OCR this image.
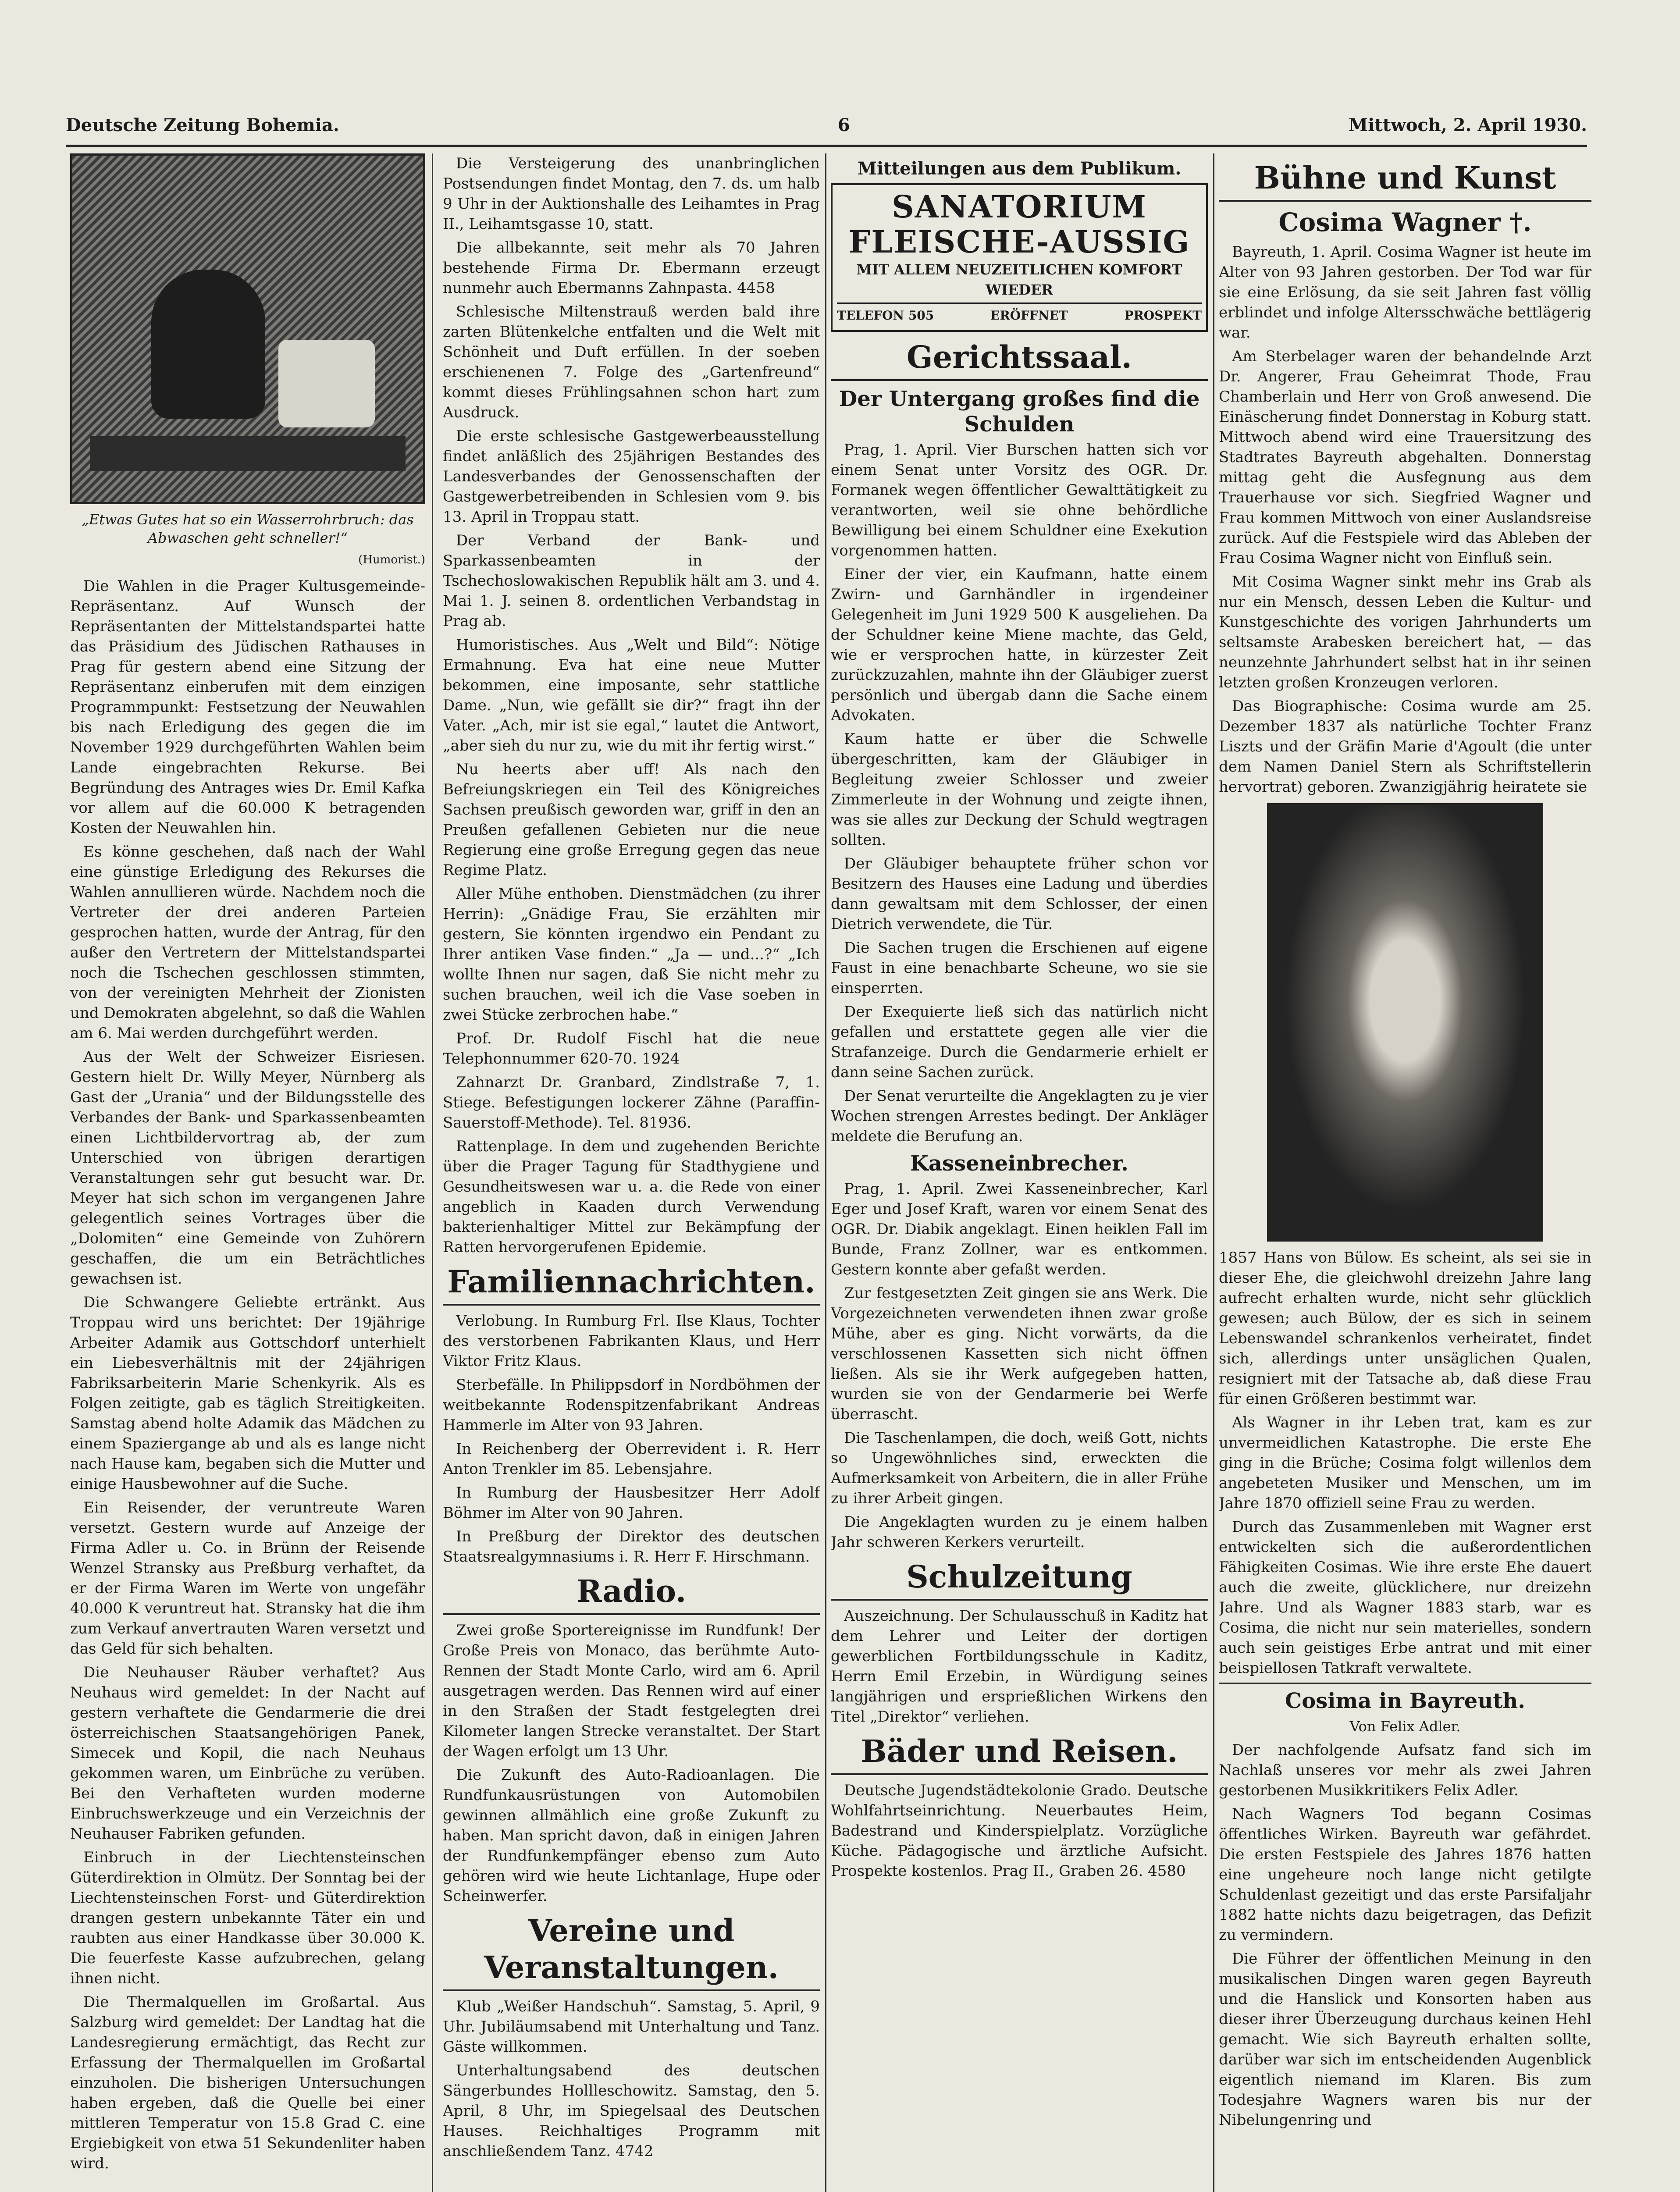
Deutsche Zeitung Bohemia.	6	Mittwoch, 2. April 1930.
„Etwas Gutes hat so ein Wasserrohrbruch: das Abwaschen geht schneller!“
(Humorist.)

Die Wahlen in die Prager Kultusgemeinde-Repräsentanz. Auf Wunsch der Repräsentanten der Mittelstandspartei hatte das Präsidium des Jüdischen Rathauses in Prag für gestern abend eine Sitzung der Repräsentanz einberufen mit dem einzigen Programmpunkt: Festsetzung der Neuwahlen bis nach Erledigung des gegen die im November 1929 durchgeführten Wahlen beim Lande eingebrachten Rekurse. Bei Begründung des Antrages wies Dr. Emil Kafka vor allem auf die 60.000 K betragenden Kosten der Neuwahlen hin.

Es könne geschehen, daß nach der Wahl eine günstige Erledigung des Rekurses die Wahlen annullieren würde. Nachdem noch die Vertreter der drei anderen Parteien gesprochen hatten, wurde der Antrag, für den außer den Vertretern der Mittelstandspartei noch die Tschechen geschlossen stimmten, von der vereinigten Mehrheit der Zionisten und Demokraten abgelehnt, so daß die Wahlen am 6. Mai werden durchgeführt werden.

Aus der Welt der Schweizer Eisriesen. Gestern hielt Dr. Willy Meyer, Nürnberg als Gast der „Urania“ und der Bildungsstelle des Verbandes der Bank- und Sparkassenbeamten einen Lichtbildervortrag ab, der zum Unterschied von übrigen derartigen Veranstaltungen sehr gut besucht war. Dr. Meyer hat sich schon im vergangenen Jahre gelegentlich seines Vortrages über die „Dolomiten“ eine Gemeinde von Zuhörern geschaffen, die um ein Beträchtliches gewachsen ist.

Die Schwangere Geliebte ertränkt. Aus Troppau wird uns berichtet: Der 19jährige Arbeiter Adamik aus Gottschdorf unterhielt ein Liebesverhältnis mit der 24jährigen Fabriksarbeiterin Marie Schenkyrik. Als es Folgen zeitigte, gab es täglich Streitigkeiten. Samstag abend holte Adamik das Mädchen zu einem Spaziergange ab und als es lange nicht nach Hause kam, begaben sich die Mutter und einige Hausbewohner auf die Suche.

Ein Reisender, der veruntreute Waren versetzt. Gestern wurde auf Anzeige der Firma Adler u. Co. in Brünn der Reisende Wenzel Stransky aus Preßburg verhaftet, da er der Firma Waren im Werte von ungefähr 40.000 K veruntreut hat. Stransky hat die ihm zum Verkauf anvertrauten Waren versetzt und das Geld für sich behalten.

Die Neuhauser Räuber verhaftet? Aus Neuhaus wird gemeldet: In der Nacht auf gestern verhaftete die Gendarmerie die drei österreichischen Staatsangehörigen Panek, Simecek und Kopil, die nach Neuhaus gekommen waren, um Einbrüche zu verüben. Bei den Verhafteten wurden moderne Einbruchswerkzeuge und ein Verzeichnis der Neuhauser Fabriken gefunden.

Einbruch in der Liechtensteinschen Güterdirektion in Olmütz. Der Sonntag bei der Liechtensteinschen Forst- und Güterdirektion drangen gestern unbekannte Täter ein und raubten aus einer Handkasse über 30.000 K. Die feuerfeste Kasse aufzubrechen, gelang ihnen nicht.

Die Thermalquellen im Großartal. Aus Salzburg wird gemeldet: Der Landtag hat die Landesregierung ermächtigt, das Recht zur Erfassung der Thermalquellen im Großartal einzuholen. Die bisherigen Untersuchungen haben ergeben, daß die Quelle bei einer mittleren Temperatur von 15.8 Grad C. eine Ergiebigkeit von etwa 51 Sekundenliter haben wird.

Die Versteigerung des unanbringlichen Postsendungen findet Montag, den 7. ds. um halb 9 Uhr in der Auktionshalle des Leihamtes in Prag II., Leihamtsgasse 10, statt.

Die allbekannte, seit mehr als 70 Jahren bestehende Firma Dr. Ebermann erzeugt nunmehr auch Ebermanns Zahnpasta. 4458

Schlesische Miltenstrauß werden bald ihre zarten Blütenkelche entfalten und die Welt mit Schönheit und Duft erfüllen. In der soeben erschienenen 7. Folge des „Gartenfreund“ kommt dieses Frühlingsahnen schon hart zum Ausdruck.

Die erste schlesische Gastgewerbeausstellung findet anläßlich des 25jährigen Bestandes des Landesverbandes der Genossenschaften der Gastgewerbetreibenden in Schlesien vom 9. bis 13. April in Troppau statt.

Der Verband der Bank- und Sparkassenbeamten in der Tschechoslowakischen Republik hält am 3. und 4. Mai 1. J. seinen 8. ordentlichen Verbandstag in Prag ab.

Humoristisches. Aus „Welt und Bild“: Nötige Ermahnung. Eva hat eine neue Mutter bekommen, eine imposante, sehr stattliche Dame. „Nun, wie gefällt sie dir?“ fragt ihn der Vater. „Ach, mir ist sie egal,“ lautet die Antwort, „aber sieh du nur zu, wie du mit ihr fertig wirst.“

Nu heerts aber uff! Als nach den Befreiungskriegen ein Teil des Königreiches Sachsen preußisch geworden war, griff in den an Preußen gefallenen Gebieten nur die neue Regierung eine große Erregung gegen das neue Regime Platz.

Aller Mühe enthoben. Dienstmädchen (zu ihrer Herrin): „Gnädige Frau, Sie erzählten mir gestern, Sie könnten irgendwo ein Pendant zu Ihrer antiken Vase finden.“ „Ja — und...?“ „Ich wollte Ihnen nur sagen, daß Sie nicht mehr zu suchen brauchen, weil ich die Vase soeben in zwei Stücke zerbrochen habe.“

Prof. Dr. Rudolf Fischl hat die neue Telephonnummer 620-70. 1924

Zahnarzt Dr. Granbard, Zindlstraße 7, 1. Stiege. Befestigungen lockerer Zähne (Paraffin-Sauerstoff-Methode). Tel. 81936.

Rattenplage. In dem und zugehenden Berichte über die Prager Tagung für Stadthygiene und Gesundheitswesen war u. a. die Rede von einer angeblich in Kaaden durch Verwendung bakterienhaltiger Mittel zur Bekämpfung der Ratten hervorgerufenen Epidemie.

Familiennachrichten.

Verlobung. In Rumburg Frl. Ilse Klaus, Tochter des verstorbenen Fabrikanten Klaus, und Herr Viktor Fritz Klaus.

Sterbefälle. In Philippsdorf in Nordböhmen der weitbekannte Rodenspitzenfabrikant Andreas Hammerle im Alter von 93 Jahren.

In Reichenberg der Oberrevident i. R. Herr Anton Trenkler im 85. Lebensjahre.

In Rumburg der Hausbesitzer Herr Adolf Böhmer im Alter von 90 Jahren.

In Preßburg der Direktor des deutschen Staatsrealgymnasiums i. R. Herr F. Hirschmann.

Radio.

Zwei große Sportereignisse im Rundfunk! Der Große Preis von Monaco, das berühmte Auto-Rennen der Stadt Monte Carlo, wird am 6. April ausgetragen werden. Das Rennen wird auf einer in den Straßen der Stadt festgelegten drei Kilometer langen Strecke veranstaltet. Der Start der Wagen erfolgt um 13 Uhr.

Die Zukunft des Auto-Radioanlagen. Die Rundfunkausrüstungen von Automobilen gewinnen allmählich eine große Zukunft zu haben. Man spricht davon, daß in einigen Jahren der Rundfunkempfänger ebenso zum Auto gehören wird wie heute Lichtanlage, Hupe oder Scheinwerfer.

Vereine und Veranstaltungen.

Klub „Weißer Handschuh“. Samstag, 5. April, 9 Uhr. Jubiläumsabend mit Unterhaltung und Tanz. Gäste willkommen.

Unterhaltungsabend des deutschen Sängerbundes Hollleschowitz. Samstag, den 5. April, 8 Uhr, im Spiegelsaal des Deutschen Hauses. Reichhaltiges Programm mit anschließendem Tanz. 4742

Mitteilungen aus dem Publikum.
SANATORIUM FLEISCHE-AUSSIG
MIT ALLEM NEUZEITLICHEN KOMFORT WIEDER
TELEFON 505	ERÖFFNET	PROSPEKT
Gerichtssaal.
Der Untergang großes find die Schulden

Prag, 1. April. Vier Burschen hatten sich vor einem Senat unter Vorsitz des OGR. Dr. Formanek wegen öffentlicher Gewalttätigkeit zu verantworten, weil sie ohne behördliche Bewilligung bei einem Schuldner eine Exekution vorgenommen hatten.

Einer der vier, ein Kaufmann, hatte einem Zwirn- und Garnhändler in irgendeiner Gelegenheit im Juni 1929 500 K ausgeliehen. Da der Schuldner keine Miene machte, das Geld, wie er versprochen hatte, in kürzester Zeit zurückzuzahlen, mahnte ihn der Gläubiger zuerst persönlich und übergab dann die Sache einem Advokaten.

Kaum hatte er über die Schwelle übergeschritten, kam der Gläubiger in Begleitung zweier Schlosser und zweier Zimmerleute in der Wohnung und zeigte ihnen, was sie alles zur Deckung der Schuld wegtragen sollten.

Der Gläubiger behauptete früher schon vor Besitzern des Hauses eine Ladung und überdies dann gewaltsam mit dem Schlosser, der einen Dietrich verwendete, die Tür.

Die Sachen trugen die Erschienen auf eigene Faust in eine benachbarte Scheune, wo sie sie einsperrten.

Der Exequierte ließ sich das natürlich nicht gefallen und erstattete gegen alle vier die Strafanzeige. Durch die Gendarmerie erhielt er dann seine Sachen zurück.

Der Senat verurteilte die Angeklagten zu je vier Wochen strengen Arrestes bedingt. Der Ankläger meldete die Berufung an.

Kasseneinbrecher.

Prag, 1. April. Zwei Kasseneinbrecher, Karl Eger und Josef Kraft, waren vor einem Senat des OGR. Dr. Diabik angeklagt. Einen heiklen Fall im Bunde, Franz Zollner, war es entkommen. Gestern konnte aber gefaßt werden.

Zur festgesetzten Zeit gingen sie ans Werk. Die Vorgezeichneten verwendeten ihnen zwar große Mühe, aber es ging. Nicht vorwärts, da die verschlossenen Kassetten sich nicht öffnen ließen. Als sie ihr Werk aufgegeben hatten, wurden sie von der Gendarmerie bei Werfe überrascht.

Die Taschenlampen, die doch, weiß Gott, nichts so Ungewöhnliches sind, erweckten die Aufmerksamkeit von Arbeitern, die in aller Frühe zu ihrer Arbeit gingen.

Die Angeklagten wurden zu je einem halben Jahr schweren Kerkers verurteilt.

Schulzeitung

Auszeichnung. Der Schulausschuß in Kaditz hat dem Lehrer und Leiter der dortigen gewerblichen Fortbildungsschule in Kaditz, Herrn Emil Erzebin, in Würdigung seines langjährigen und ersprießlichen Wirkens den Titel „Direktor“ verliehen.

Bäder und Reisen.

Deutsche Jugendstädtekolonie Grado. Deutsche Wohlfahrtseinrichtung. Neuerbautes Heim, Badestrand und Kinderspielplatz. Vorzügliche Küche. Pädagogische und ärztliche Aufsicht. Prospekte kostenlos. Prag II., Graben 26. 4580

Bühne und Kunst
Cosima Wagner †.

Bayreuth, 1. April. Cosima Wagner ist heute im Alter von 93 Jahren gestorben. Der Tod war für sie eine Erlösung, da sie seit Jahren fast völlig erblindet und infolge Altersschwäche bettlägerig war.

Am Sterbelager waren der behandelnde Arzt Dr. Angerer, Frau Geheimrat Thode, Frau Chamberlain und Herr von Groß anwesend. Die Einäscherung findet Donnerstag in Koburg statt. Mittwoch abend wird eine Trauersitzung des Stadtrates Bayreuth abgehalten. Donnerstag mittag geht die Ausfegnung aus dem Trauerhause vor sich. Siegfried Wagner und Frau kommen Mittwoch von einer Auslandsreise zurück. Auf die Festspiele wird das Ableben der Frau Cosima Wagner nicht von Einfluß sein.

Mit Cosima Wagner sinkt mehr ins Grab als nur ein Mensch, dessen Leben die Kultur- und Kunstgeschichte des vorigen Jahrhunderts um seltsamste Arabesken bereichert hat, — das neunzehnte Jahrhundert selbst hat in ihr seinen letzten großen Kronzeugen verloren.

Das Biographische: Cosima wurde am 25. Dezember 1837 als natürliche Tochter Franz Liszts und der Gräfin Marie d'Agoult (die unter dem Namen Daniel Stern als Schriftstellerin hervortrat) geboren. Zwanzigjährig heiratete sie

1857 Hans von Bülow. Es scheint, als sei sie in dieser Ehe, die gleichwohl dreizehn Jahre lang aufrecht erhalten wurde, nicht sehr glücklich gewesen; auch Bülow, der es sich in seinem Lebenswandel schrankenlos verheiratet, findet sich, allerdings unter unsäglichen Qualen, resigniert mit der Tatsache ab, daß diese Frau für einen Größeren bestimmt war.

Als Wagner in ihr Leben trat, kam es zur unvermeidlichen Katastrophe. Die erste Ehe ging in die Brüche; Cosima folgt willenlos dem angebeteten Musiker und Menschen, um im Jahre 1870 offiziell seine Frau zu werden.

Durch das Zusammenleben mit Wagner erst entwickelten sich die außerordentlichen Fähigkeiten Cosimas. Wie ihre erste Ehe dauert auch die zweite, glücklichere, nur dreizehn Jahre. Und als Wagner 1883 starb, war es Cosima, die nicht nur sein materielles, sondern auch sein geistiges Erbe antrat und mit einer beispiellosen Tatkraft verwaltete.

Cosima in Bayreuth.
Von Felix Adler.

Der nachfolgende Aufsatz fand sich im Nachlaß unseres vor mehr als zwei Jahren gestorbenen Musikkritikers Felix Adler.

Nach Wagners Tod begann Cosimas öffentliches Wirken. Bayreuth war gefährdet. Die ersten Festspiele des Jahres 1876 hatten eine ungeheure noch lange nicht getilgte Schuldenlast gezeitigt und das erste Parsifaljahr 1882 hatte nichts dazu beigetragen, das Defizit zu vermindern.

Die Führer der öffentlichen Meinung in den musikalischen Dingen waren gegen Bayreuth und die Hanslick und Konsorten haben aus dieser ihrer Überzeugung durchaus keinen Hehl gemacht. Wie sich Bayreuth erhalten sollte, darüber war sich im entscheidenden Augenblick eigentlich niemand im Klaren. Bis zum Todesjahre Wagners waren bis nur der Nibelungenring und
